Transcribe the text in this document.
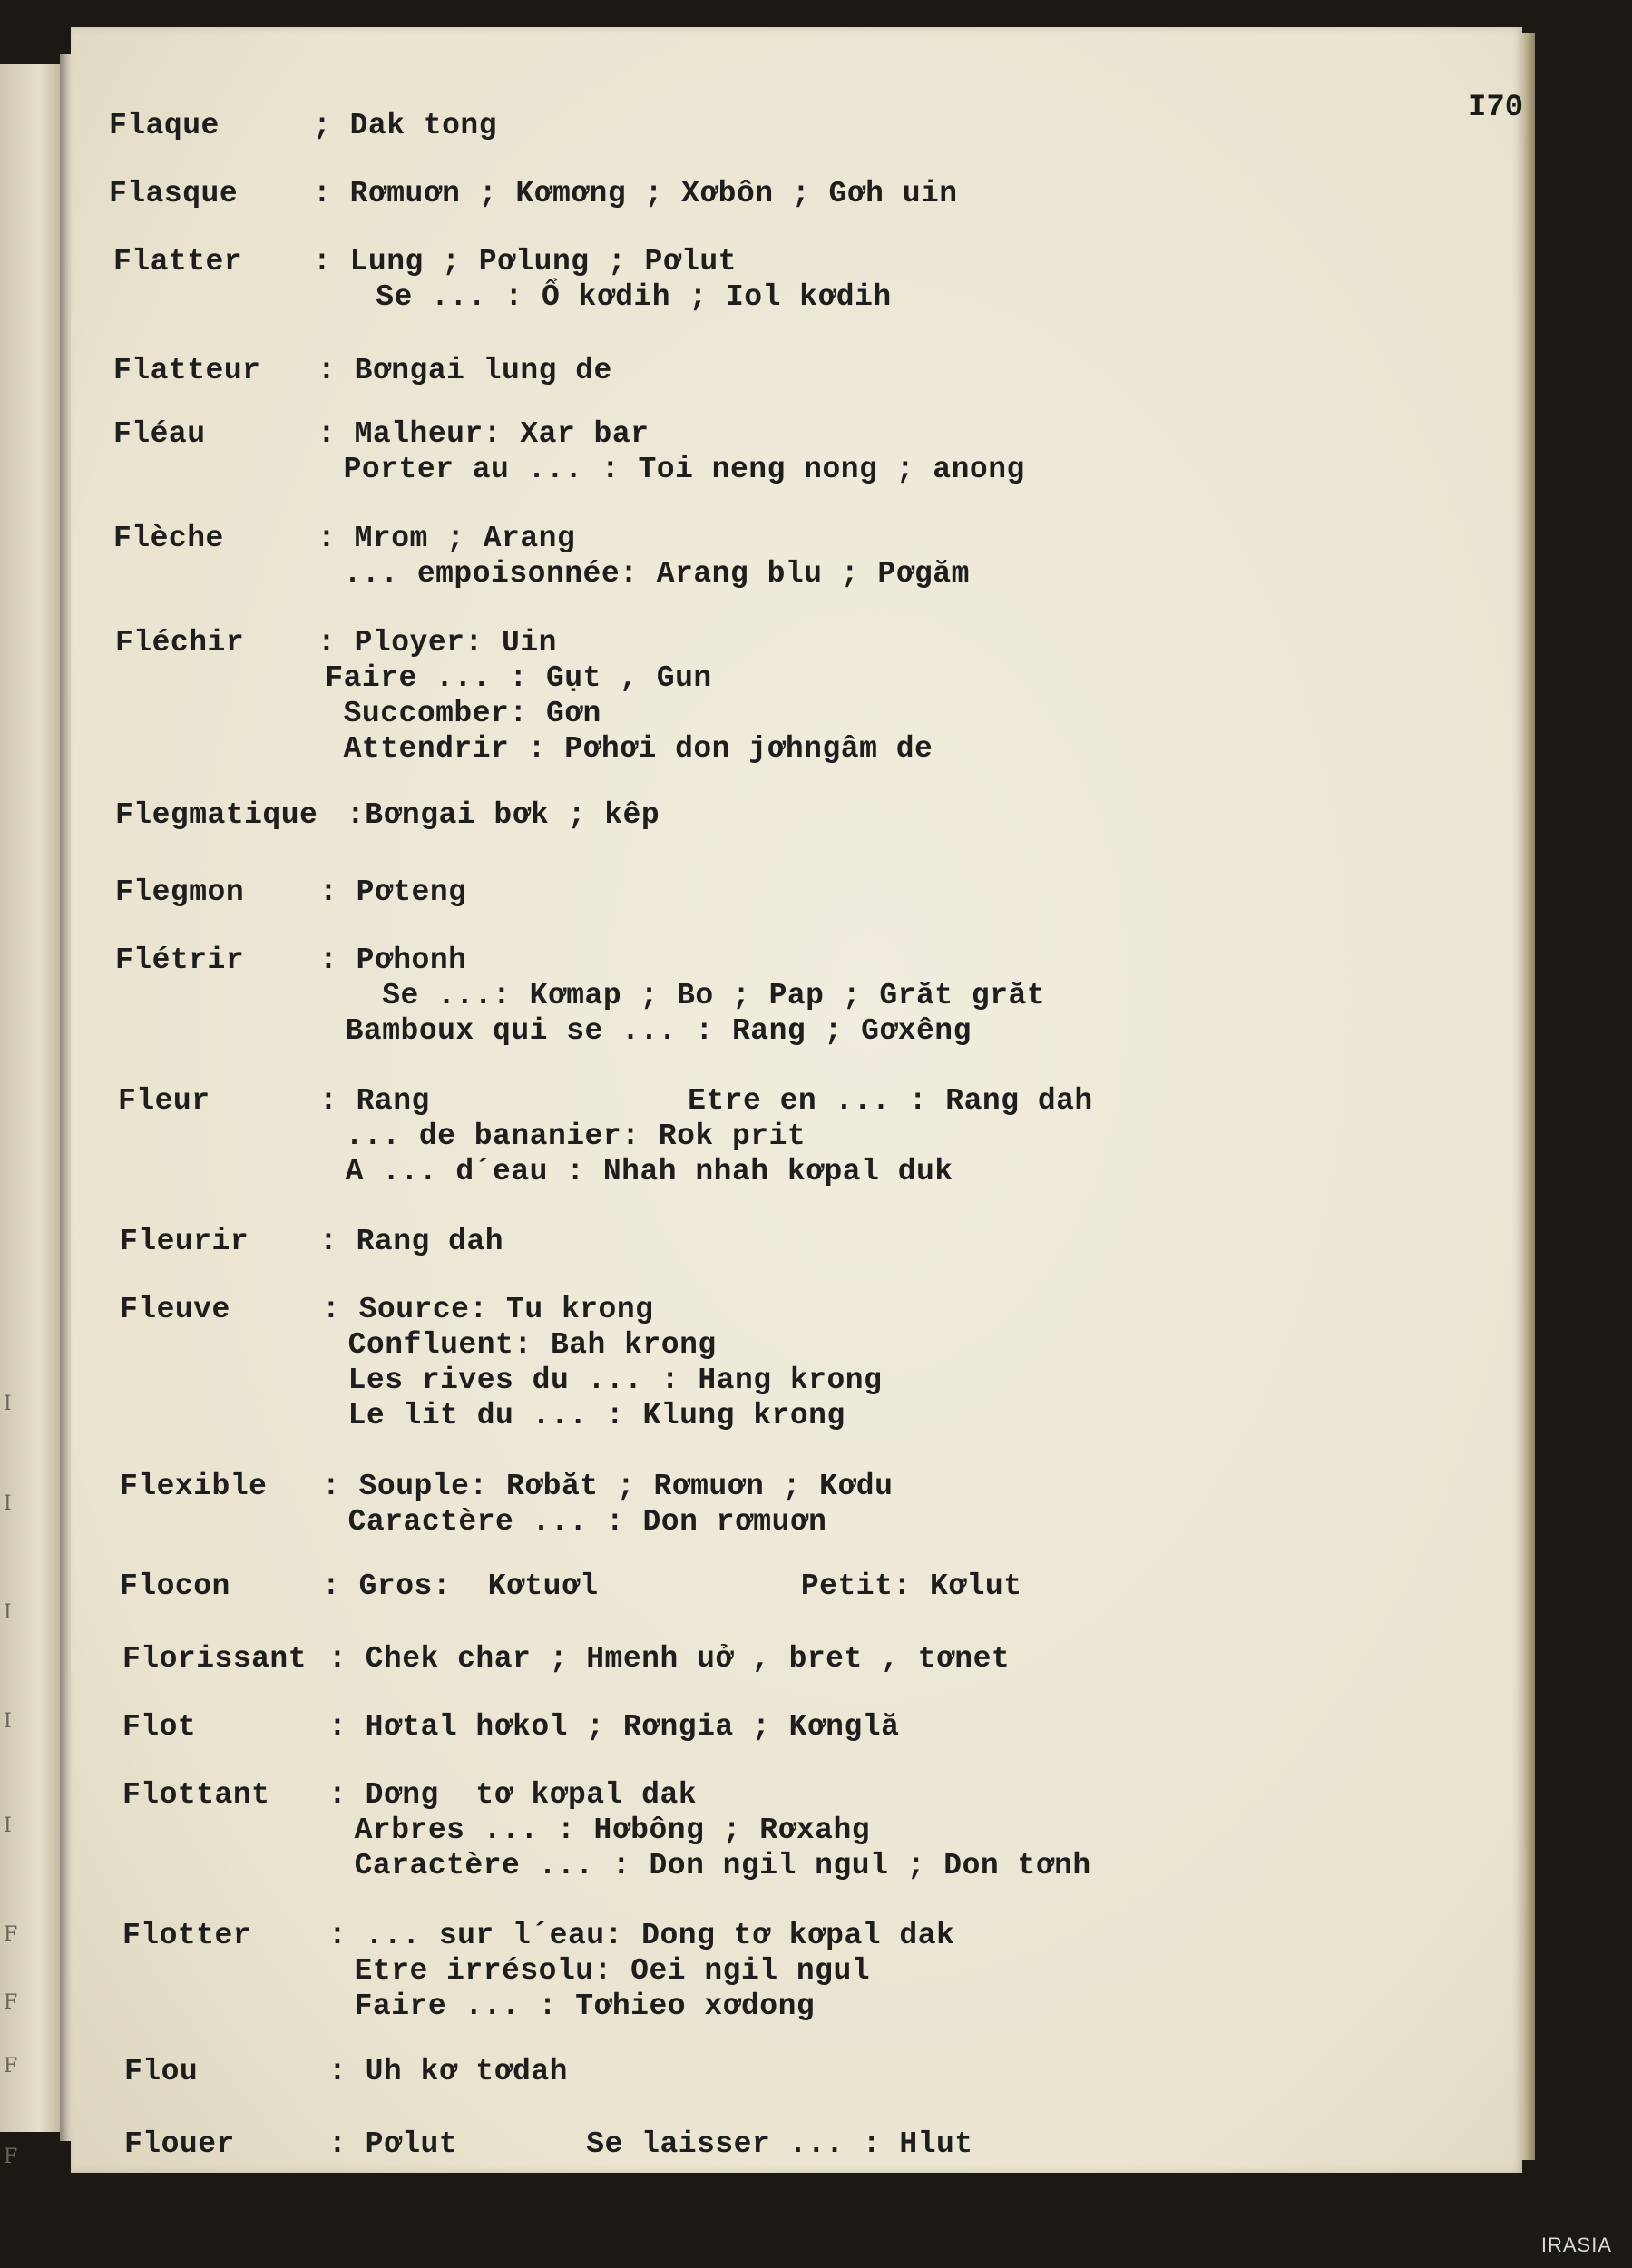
I
I
I
I
I
F
F
F
F
I70
Flaque	; Dak tong
Flasque	: Rơmuơn ; Kơmơng ; Xơbôn ; Gơh uin
Flatter : Lung ; Pơlung ; Pơlut
Se ... : Ổ kơdih ; Iol kơdih
Flatteur : Bơngai lung de
Fléau	: Malheur: Xar bar
Porter au ... : Toi neng nong ; anong
Flèche	: Mrom ; Arang
... empoisonnée: Arang blu ; Pơgăm
Fléchir : Ployer: Uin
Faire ... : Gụt , Gun
Succomber: Gơn
Attendrir : Pơhơi don jơhngâm de
Flegmatique :Bơngai bơk ; kêp
Flegmon	: Pơteng
Flétrir	: Pơhonh
Se ...: Kơmap ; Bo ; Pap ; Grăt grăt
Bamboux qui se ... : Rang ; Gơxêng
Fleur	: Rang              Etre en ... : Rang dah
... de bananier: Rok prit
A ... d´eau : Nhah nhah kơpal duk
Fleurir : Rang dah
Fleuve	: Source: Tu krong
Confluent: Bah krong
Les rives du ... : Hang krong
Le lit du ... : Klung krong
Flexible : Souple: Rơbăt ; Rơmuơn ; Kơdu
Caractère ... : Don rơmuơn
Flocon	: Gros:  Kơtuơl           Petit: Kơlut
Florissant : Chek char ; Hmenh uở , bret , tơnet
Flot	: Hơtal hơkol ; Rơngia ; Kơnglă
Flottant : Dơng  tơ kơpal dak
Arbres ... : Hơbông ; Rơxahg
Caractère ... : Don ngil ngul ; Don tơnh
Flotter	: ... sur l´eau: Dong tơ kơpal dak
Etre irrésolu: Oei ngil ngul
Faire ... : Tơhieo xơdong
Flou	: Uh kơ tơdah
Flouer	: Pơlut       Se laisser ... : Hlut
IRASIA
